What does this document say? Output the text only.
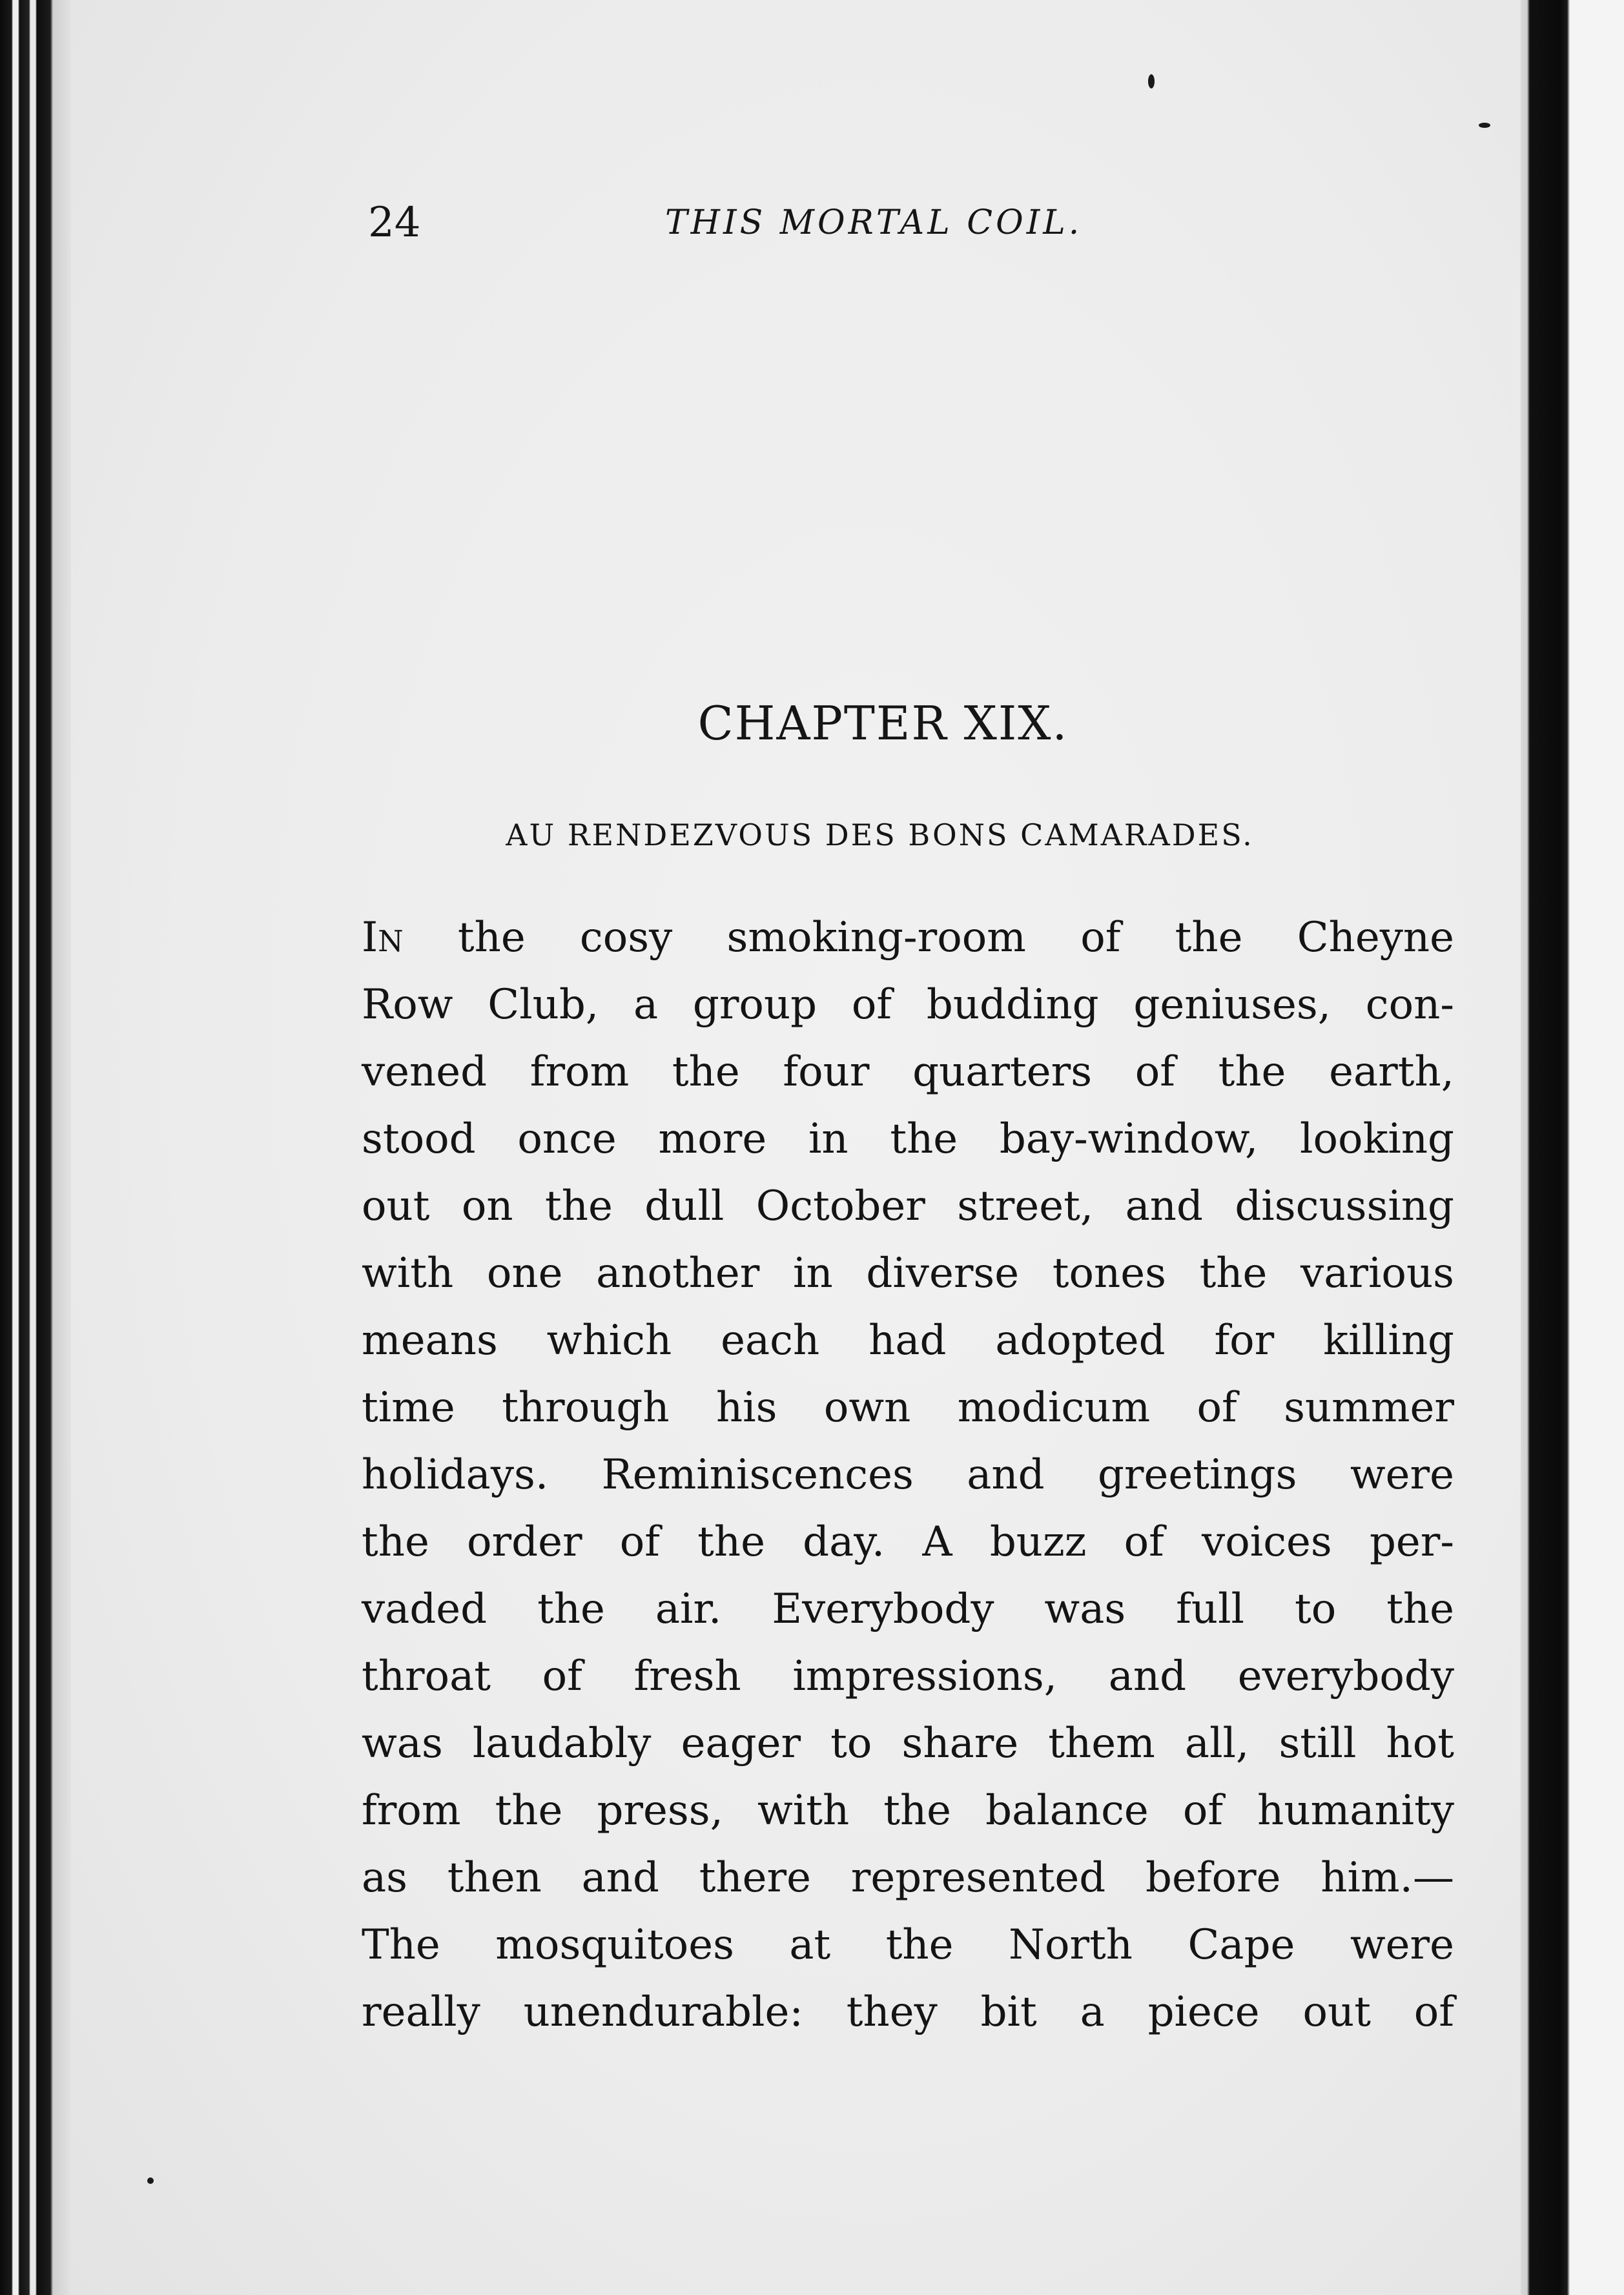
24	THIS MORTAL COIL.
CHAPTER XIX.
AU RENDEZVOUS DES BONS CAMARADES.
In the cosy smoking-room of the Cheyne
Row Club, a group of budding geniuses, con-
vened from the four quarters of the earth,
stood once more in the bay-window, looking
out on the dull October street, and discussing
with one another in diverse tones the various
means which each had adopted for killing
time through his own modicum of summer
holidays. Reminiscences and greetings were
the order of the day. A buzz of voices per-
vaded the air. Everybody was full to the
throat of fresh impressions, and everybody
was laudably eager to share them all, still hot
from the press, with the balance of humanity
as then and there represented before him.—
The mosquitoes at the North Cape were
really unendurable: they bit a piece out of
